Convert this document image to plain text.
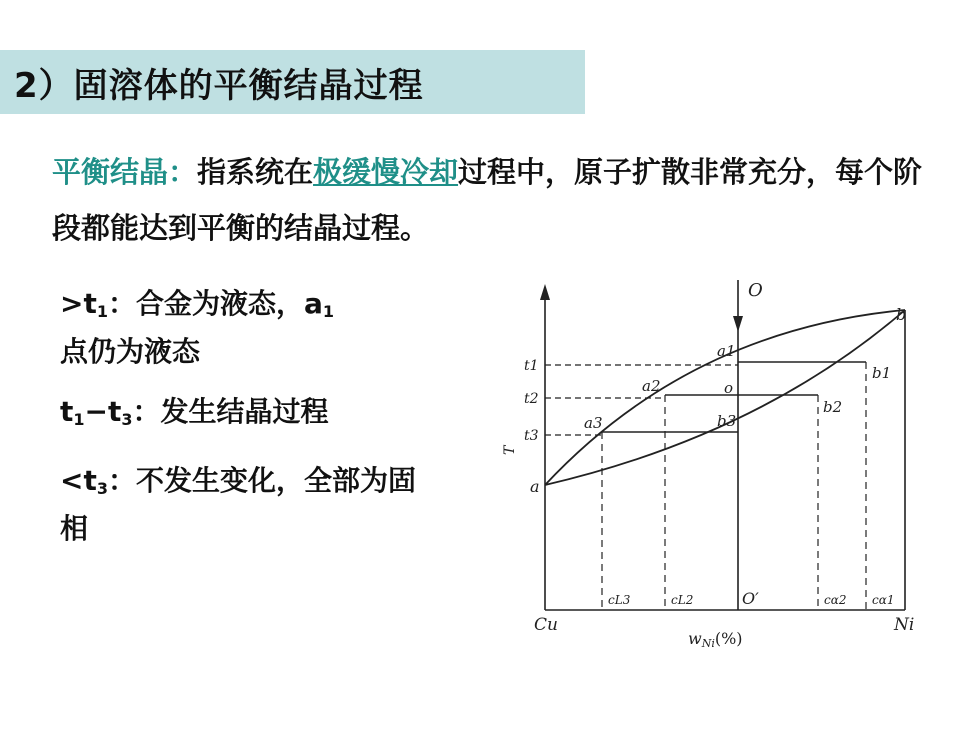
2）固溶体的平衡结晶过程
平衡结晶：指系统在极缓慢冷却过程中，原子扩散非常充分，每个阶段都能达到平衡的结晶过程。
$>t_1$：合金为液态，$a_1$
点仍为液态
$t_1-t_3$：发生结晶过程
$<t_3$：不发生变化，全部为固相
O
a
b
a1
a2
a3
o
b1
b2
b3
t1
t2
t3
T
cL3	cL2	O′	cα2 cα1
Cu	Ni
wNi(%)
